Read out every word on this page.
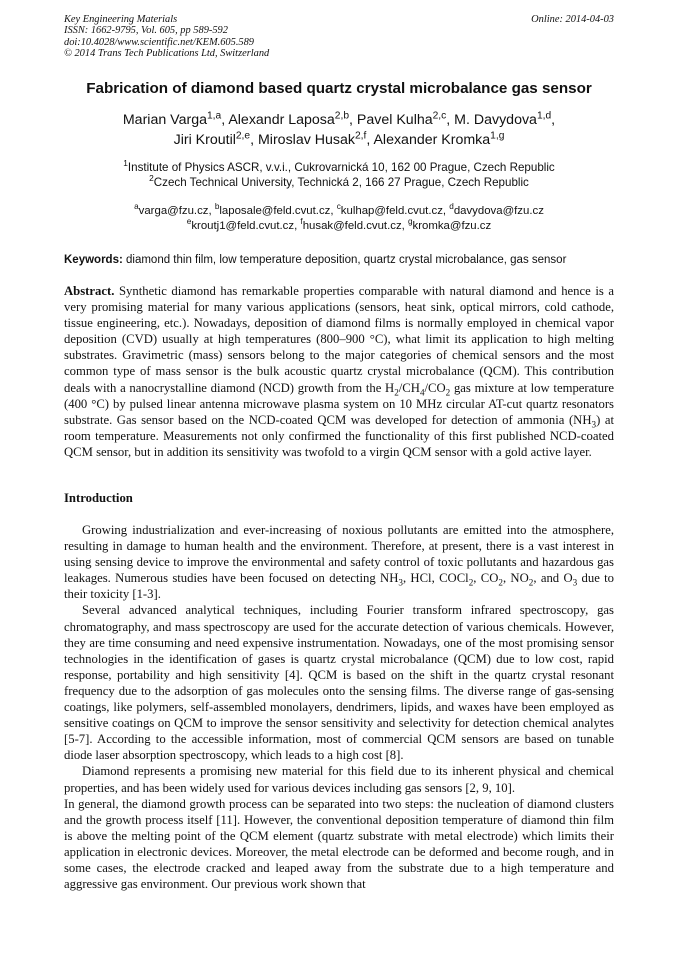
Key Engineering Materials
ISSN: 1662-9795, Vol. 605, pp 589-592
doi:10.4028/www.scientific.net/KEM.605.589
© 2014 Trans Tech Publications Ltd, Switzerland
Online: 2014-04-03
Fabrication of diamond based quartz crystal microbalance gas sensor
Marian Varga$^{1,a}$, Alexandr Laposa$^{2,b}$, Pavel Kulha$^{2,c}$, M. Davydova$^{1,d}$,
Jiri Kroutil$^{2,e}$, Miroslav Husak$^{2,f}$, Alexander Kromka$^{1,g}$
$^1$Institute of Physics ASCR, v.v.i., Cukrovarnická 10, 162 00 Prague, Czech Republic
$^2$Czech Technical University, Technická 2, 166 27 Prague, Czech Republic
$^a$varga@fzu.cz, $^b$laposale@feld.cvut.cz, $^c$kulhap@feld.cvut.cz, $^d$davydova@fzu.cz
$^e$kroutj1@feld.cvut.cz, $^f$husak@feld.cvut.cz, $^g$kromka@fzu.cz
Keywords: diamond thin film, low temperature deposition, quartz crystal microbalance, gas sensor
Abstract. Synthetic diamond has remarkable properties comparable with natural diamond and hence is a very promising material for many various applications (sensors, heat sink, optical mirrors, cold cathode, tissue engineering, etc.). Nowadays, deposition of diamond films is normally employed in chemical vapor deposition (CVD) usually at high temperatures (800–900 °C), what limit its application to high melting substrates. Gravimetric (mass) sensors belong to the major categories of chemical sensors and the most common type of mass sensor is the bulk acoustic quartz crystal microbalance (QCM). This contribution deals with a nanocrystalline diamond (NCD) growth from the $H_2/CH_4/CO_2$ gas mixture at low temperature (400 °C) by pulsed linear antenna microwave plasma system on 10 MHz circular AT-cut quartz resonators substrate. Gas sensor based on the NCD-coated QCM was developed for detection of ammonia $(NH_3)$ at room temperature. Measurements not only confirmed the functionality of this first published NCD-coated QCM sensor, but in addition its sensitivity was twofold to a virgin QCM sensor with a gold active layer.
Introduction

Growing industrialization and ever-increasing of noxious pollutants are emitted into the atmosphere, resulting in damage to human health and the environment. Therefore, at present, there is a vast interest in using sensing device to improve the environmental and safety control of toxic pollutants and hazardous gas leakages. Numerous studies have been focused on detecting $NH_3$, HCl, COCl$_2$, $CO_2$, $NO_2$, and $O_3$ due to their toxicity [1-3].

Several advanced analytical techniques, including Fourier transform infrared spectroscopy, gas chromatography, and mass spectroscopy are used for the accurate detection of various chemicals. However, they are time consuming and need expensive instrumentation. Nowadays, one of the most promising sensor technologies in the identification of gases is quartz crystal microbalance (QCM) due to low cost, rapid response, portability and high sensitivity [4]. QCM is based on the shift in the quartz crystal resonant frequency due to the adsorption of gas molecules onto the sensing films. The diverse range of gas-sensing coatings, like polymers, self-assembled monolayers, dendrimers, lipids, and waxes have been employed as sensitive coatings on QCM to improve the sensor sensitivity and selectivity for detection chemical analytes [5-7]. According to the accessible information, most of commercial QCM sensors are based on tunable diode laser absorption spectroscopy, which leads to a high cost [8].

Diamond represents a promising new material for this field due to its inherent physical and chemical properties, and has been widely used for various devices including gas sensors [2, 9, 10].

In general, the diamond growth process can be separated into two steps: the nucleation of diamond clusters and the growth process itself [11]. However, the conventional deposition temperature of diamond thin film is above the melting point of the QCM element (quartz substrate with metal electrode) which limits their application in electronic devices. Moreover, the metal electrode can be deformed and become rough, and in some cases, the electrode cracked and leaped away from the substrate due to a high temperature and aggressive gas environment. Our previous work shown that
